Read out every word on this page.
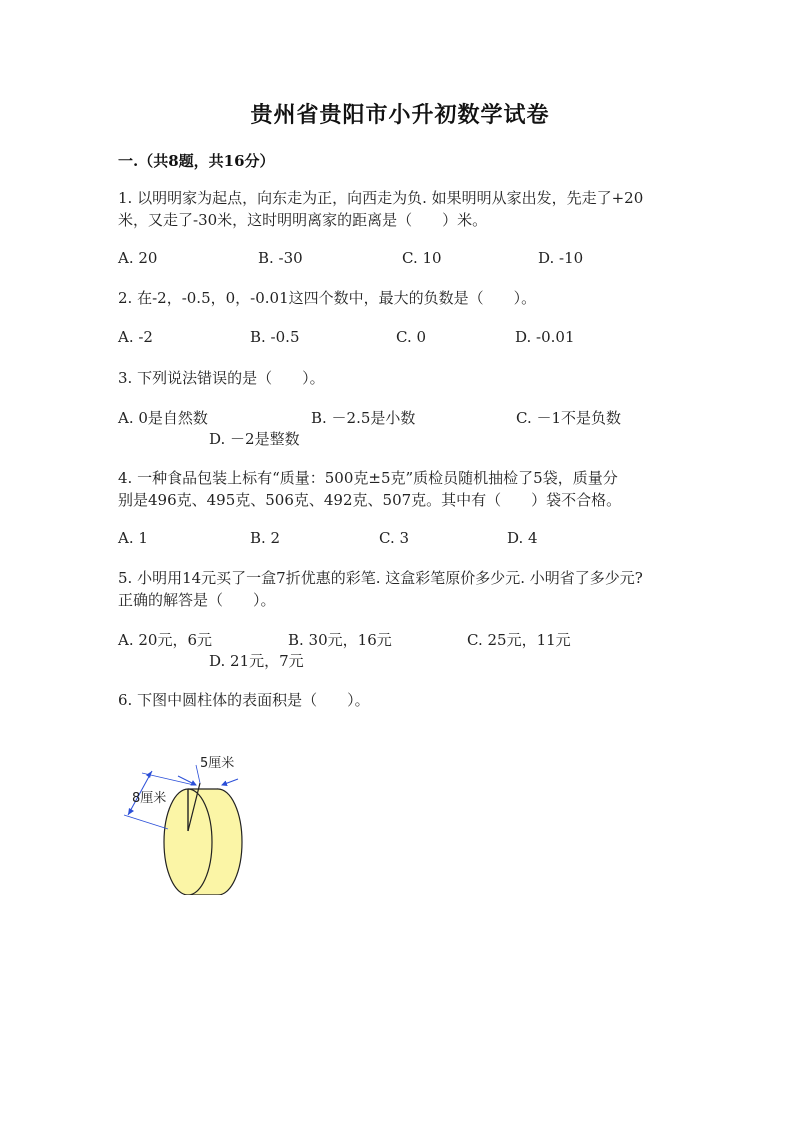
贵州省贵阳市小升初数学试卷
一.（共8题，共16分）
1. 以明明家为起点，向东走为正，向西走为负. 如果明明从家出发，先走了+20
米，又走了-30米，这时明明离家的距离是（　　）米。
A. 20	B. -30	C. 10	D. -10
2. 在-2，-0.5，0，-0.01这四个数中，最大的负数是（　　）。
A. -2	B. -0.5	C. 0	D. -0.01
3. 下列说法错误的是（　　）。
A. 0是自然数	B. －2.5是小数	C. －1不是负数
D. －2是整数
4. 一种食品包装上标有“质量：500克±5克”质检员随机抽检了5袋，质量分
别是496克、495克、506克、492克、507克。其中有（　　）袋不合格。
A. 1	B. 2	C. 3	D. 4
5. 小明用14元买了一盒7折优惠的彩笔. 这盒彩笔原价多少元. 小明省了多少元?
正确的解答是（　　）。
A. 20元，6元	B. 30元，16元	C. 25元，11元
D. 21元，7元
6. 下图中圆柱体的表面积是（　　）。
5厘米
8厘米
